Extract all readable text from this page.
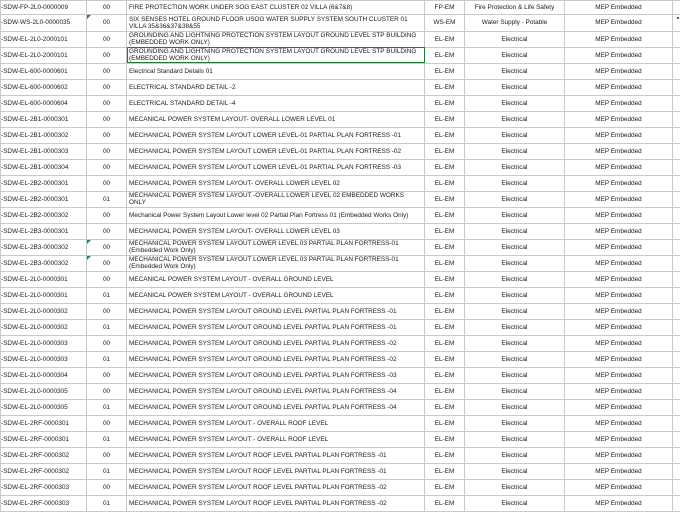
-SDW-FP-2L0-0000009	00	FIRE PROTECTION WORK UNDER SOG EAST CLUSTER 02 VILLA (6&7&8)	FP-EM	Fire Protection & Life Safety	MEP Embedded	
-SDW-WS-2L0-0000035	00	SIX SENSES HOTEL GROUND FLOOR USOG WATER SUPPLY SYSTEM SOUTH CLUSTER 01 VILLA 35&36&37&38&55	WS-EM	Water Supply - Potable	MEP Embedded	
-SDW-EL-2L0-2000101	00	GROUNDING AND LIGHTNING PROTECTION SYSTEM LAYOUT GROUND LEVEL STP BUILDING (EMBEDDED WORK ONLY)	EL-EM	Electrical	MEP Embedded	
-SDW-EL-2L0-2000101	00	GROUNDING AND LIGHTNING PROTECTION SYSTEM LAYOUT GROUND LEVEL STP BUILDING (EMBEDDED WORK ONLY)	EL-EM	Electrical	MEP Embedded	
-SDW-EL-600-0000601	00	Electrical Standard Details 01	EL-EM	Electrical	MEP Embedded	
-SDW-EL-600-0000602	00	ELECTRICAL STANDARD DETAIL -2	EL-EM	Electrical	MEP Embedded	
-SDW-EL-600-0000604	00	ELECTRICAL STANDARD DETAIL -4	EL-EM	Electrical	MEP Embedded	
-SDW-EL-2B1-0000301	00	MECANICAL POWER SYSTEM LAYOUT- OVERALL LOWER LEVEL 01	EL-EM	Electrical	MEP Embedded	
-SDW-EL-2B1-0000302	00	MECHANICAL POWER SYSTEM LAYOUT LOWER LEVEL-01 PARTIAL PLAN FORTRESS -01	EL-EM	Electrical	MEP Embedded	
-SDW-EL-2B1-0000303	00	MECHANICAL POWER SYSTEM LAYOUT LOWER LEVEL-01 PARTIAL PLAN FORTRESS -02	EL-EM	Electrical	MEP Embedded	
-SDW-EL-2B1-0000304	00	MECHANICAL POWER SYSTEM LAYOUT LOWER LEVEL-01 PARTIAL PLAN FORTRESS -03	EL-EM	Electrical	MEP Embedded	
-SDW-EL-2B2-0000301	00	MECHANICAL POWER SYSTEM LAYOUT- OVERALL LOWER LEVEL 02	EL-EM	Electrical	MEP Embedded	
-SDW-EL-2B2-0000301	01	MECHANICAL POWER SYSTEM LAYOUT -OVERALL LOWER LEVEL 02 EMBEDDED WORKS ONLY	EL-EM	Electrical	MEP Embedded	
-SDW-EL-2B2-0000302	00	Mechanical Power System Layout Lower level 02 Partial Plan Fortress 01 (Embedded Works Only)	EL-EM	Electrical	MEP Embedded	
-SDW-EL-2B3-0000301	00	MECHANICAL POWER SYSTEM LAYOUT- OVERALL LOWER LEVEL 03	EL-EM	Electrical	MEP Embedded	
-SDW-EL-2B3-0000302	00	MECHANICAL POWER SYSTEM LAYOUT LOWER LEVEL 03 PARTIAL PLAN FORTRESS-01 (Embedded Work Only)	EL-EM	Electrical	MEP Embedded	
-SDW-EL-2B3-0000302	00	MECHANICAL POWER SYSTEM LAYOUT LOWER LEVEL 03 PARTIAL PLAN FORTRESS-01 (Embedded Work Only)	EL-EM	Electrical	MEP Embedded	
-SDW-EL-2L0-0000301	00	MECANICAL POWER SYSTEM LAYOUT - OVERALL GROUND LEVEL	EL-EM	Electrical	MEP Embedded	
-SDW-EL-2L0-0000301	01	MECANICAL POWER SYSTEM LAYOUT - OVERALL GROUND LEVEL	EL-EM	Electrical	MEP Embedded	
-SDW-EL-2L0-0000302	00	MECHANICAL POWER SYSTEM LAYOUT GROUND LEVEL PARTIAL PLAN FORTRESS -01	EL-EM	Electrical	MEP Embedded	
-SDW-EL-2L0-0000302	01	MECHANICAL POWER SYSTEM LAYOUT GROUND LEVEL PARTIAL PLAN FORTRESS -01	EL-EM	Electrical	MEP Embedded	
-SDW-EL-2L0-0000303	00	MECHANICAL POWER SYSTEM LAYOUT GROUND LEVEL PARTIAL PLAN FORTRESS -02	EL-EM	Electrical	MEP Embedded	
-SDW-EL-2L0-0000303	01	MECHANICAL POWER SYSTEM LAYOUT GROUND LEVEL PARTIAL PLAN FORTRESS -02	EL-EM	Electrical	MEP Embedded	
-SDW-EL-2L0-0000304	00	MECHANICAL POWER SYSTEM LAYOUT GROUND LEVEL PARTIAL PLAN FORTRESS -03	EL-EM	Electrical	MEP Embedded	
-SDW-EL-2L0-0000305	00	MECHANICAL POWER SYSTEM LAYOUT GROUND LEVEL PARTIAL PLAN FORTRESS -04	EL-EM	Electrical	MEP Embedded	
-SDW-EL-2L0-0000305	01	MECHANICAL POWER SYSTEM LAYOUT GROUND LEVEL PARTIAL PLAN FORTRESS -04	EL-EM	Electrical	MEP Embedded	
-SDW-EL-2RF-0000301	00	MECHANICAL POWER SYSTEM LAYOUT - OVERALL ROOF LEVEL	EL-EM	Electrical	MEP Embedded	
-SDW-EL-2RF-0000301	01	MECHANICAL POWER SYSTEM LAYOUT - OVERALL ROOF LEVEL	EL-EM	Electrical	MEP Embedded	
-SDW-EL-2RF-0000302	00	MECHANICAL POWER SYSTEM LAYOUT ROOF LEVEL PARTIAL PLAN FORTRESS -01	EL-EM	Electrical	MEP Embedded	
-SDW-EL-2RF-0000302	01	MECHANICAL POWER SYSTEM LAYOUT ROOF LEVEL PARTIAL PLAN FORTRESS -01	EL-EM	Electrical	MEP Embedded	
-SDW-EL-2RF-0000303	00	MECHANICAL POWER SYSTEM LAYOUT ROOF LEVEL PARTIAL PLAN FORTRESS -02	EL-EM	Electrical	MEP Embedded	
-SDW-EL-2RF-0000303	01	MECHANICAL POWER SYSTEM LAYOUT ROOF LEVEL PARTIAL PLAN FORTRESS -02	EL-EM	Electrical	MEP Embedded	
